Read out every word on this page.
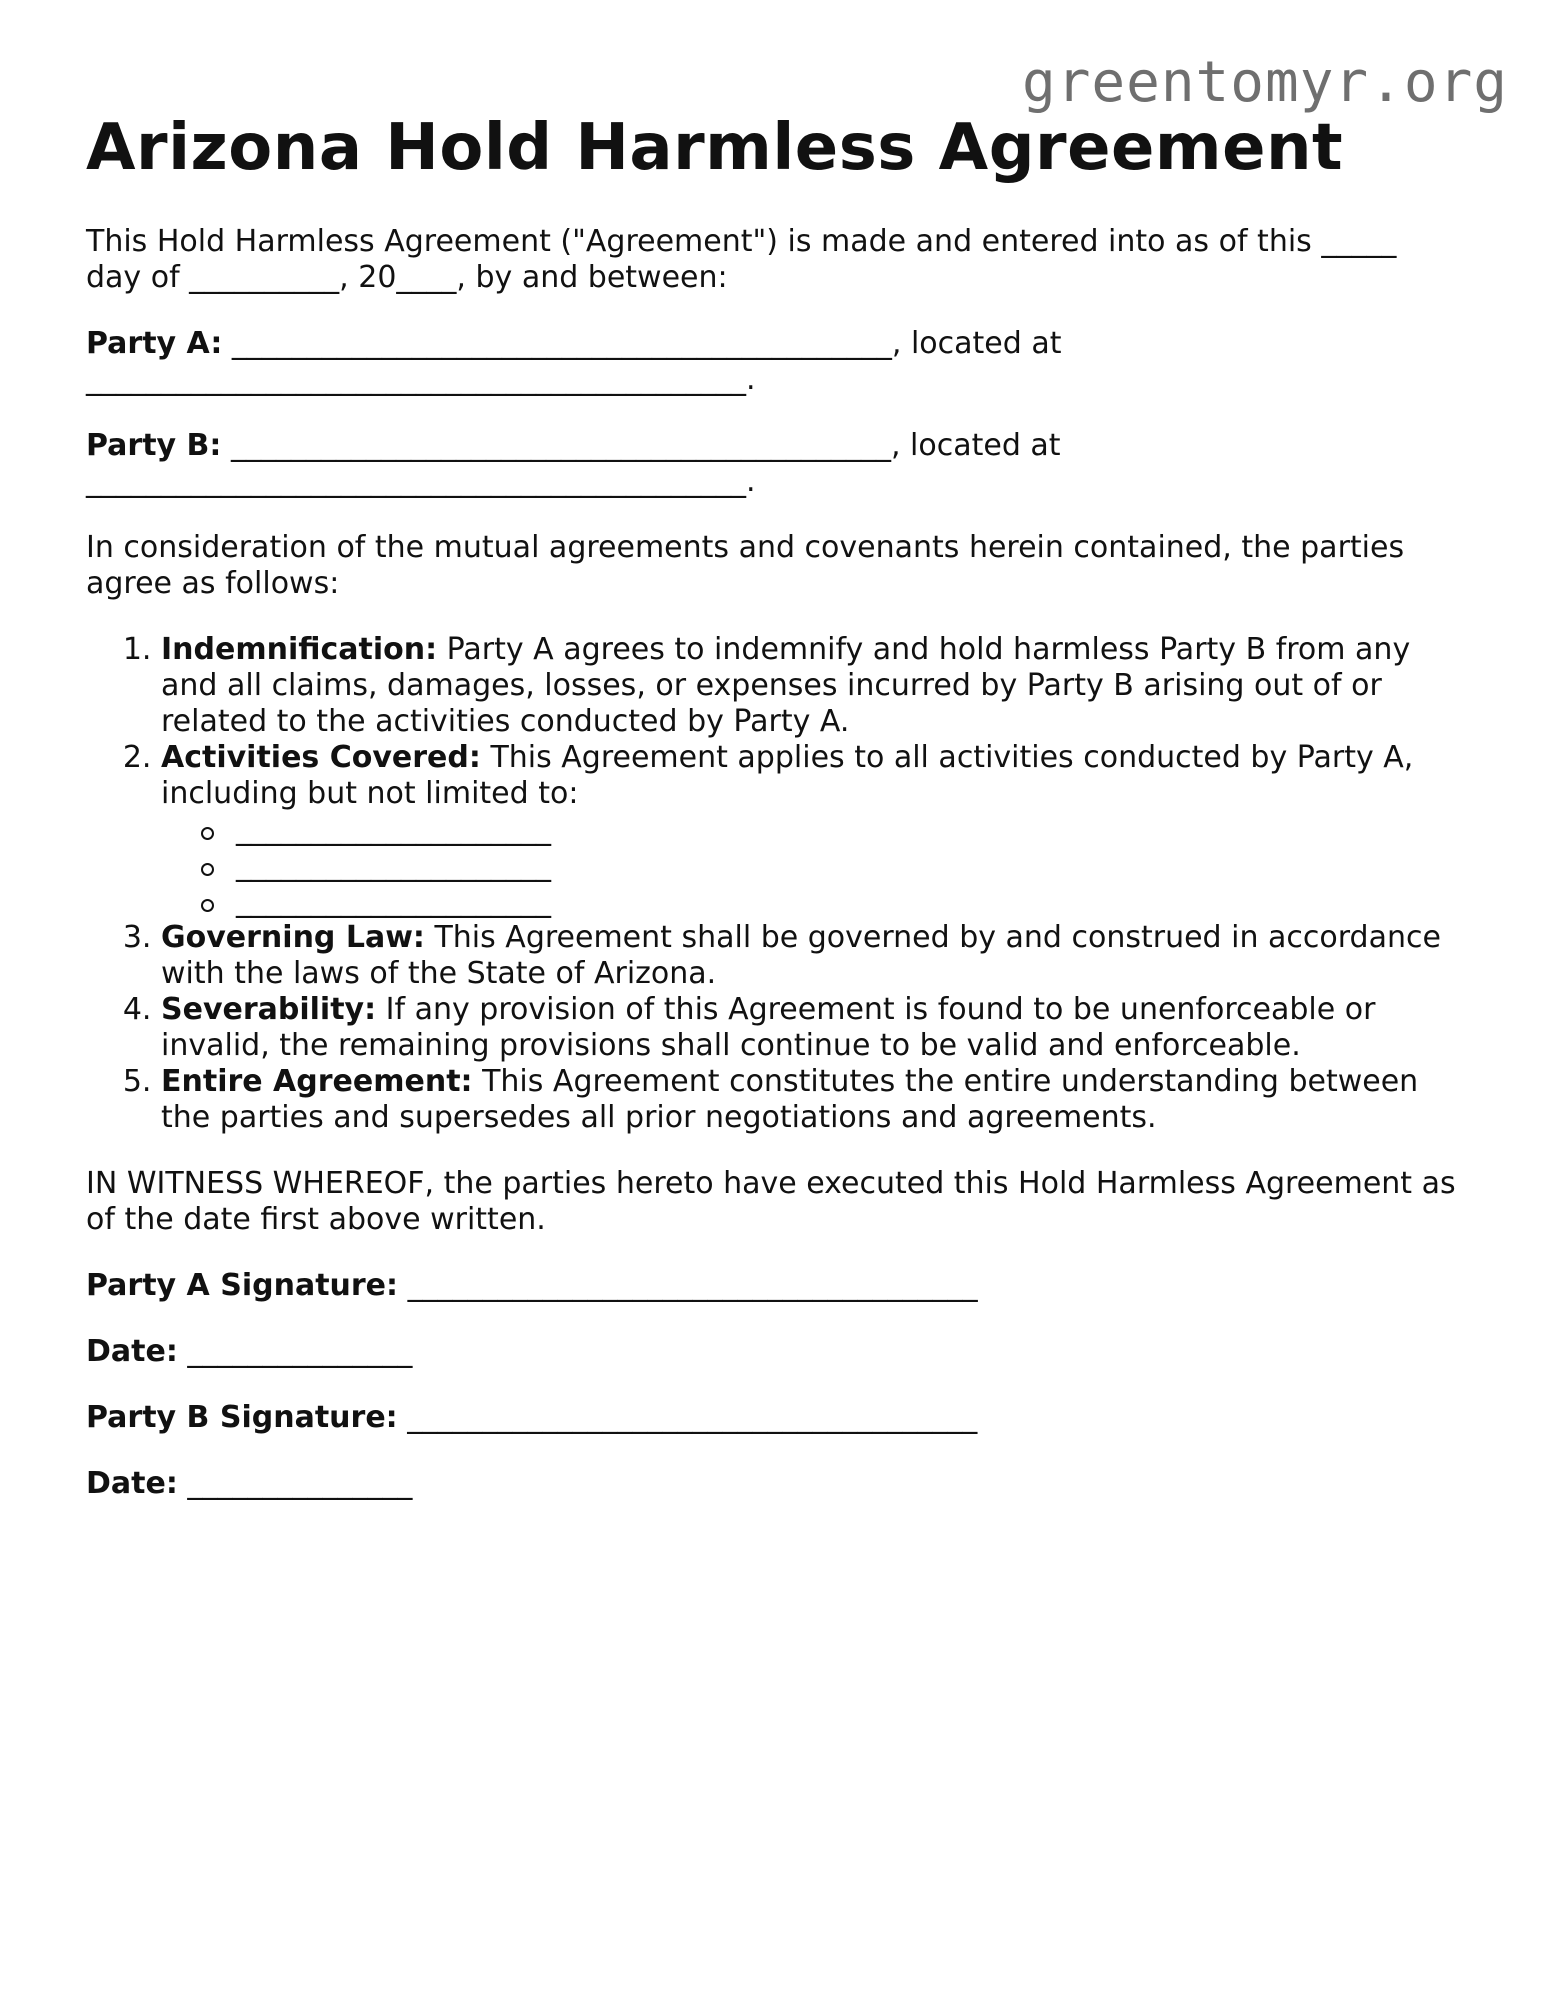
greentomyr.org
Arizona Hold Harmless Agreement

This Hold Harmless Agreement ("Agreement") is made and entered into as of this _____
day of __________, 20____, by and between:

Party A: ____________________________________________, located at
____________________________________________.

Party B: ____________________________________________, located at
____________________________________________.

In consideration of the mutual agreements and covenants herein contained, the parties agree as follows:

1. Indemnification: Party A agrees to indemnify and hold harmless Party B from any and all claims, damages, losses, or expenses incurred by Party B arising out of or related to the activities conducted by Party A.
2. Activities Covered: This Agreement applies to all activities conducted by Party A, including but not limited to:
_____________________
_____________________
_____________________
3. Governing Law: This Agreement shall be governed by and construed in accordance with the laws of the State of Arizona.
4. Severability: If any provision of this Agreement is found to be unenforceable or invalid, the remaining provisions shall continue to be valid and enforceable.
5. Entire Agreement: This Agreement constitutes the entire understanding between the parties and supersedes all prior negotiations and agreements.

IN WITNESS WHEREOF, the parties hereto have executed this Hold Harmless Agreement as of the date first above written.

Party A Signature: ______________________________________

Date: _______________

Party B Signature: ______________________________________

Date: _______________
